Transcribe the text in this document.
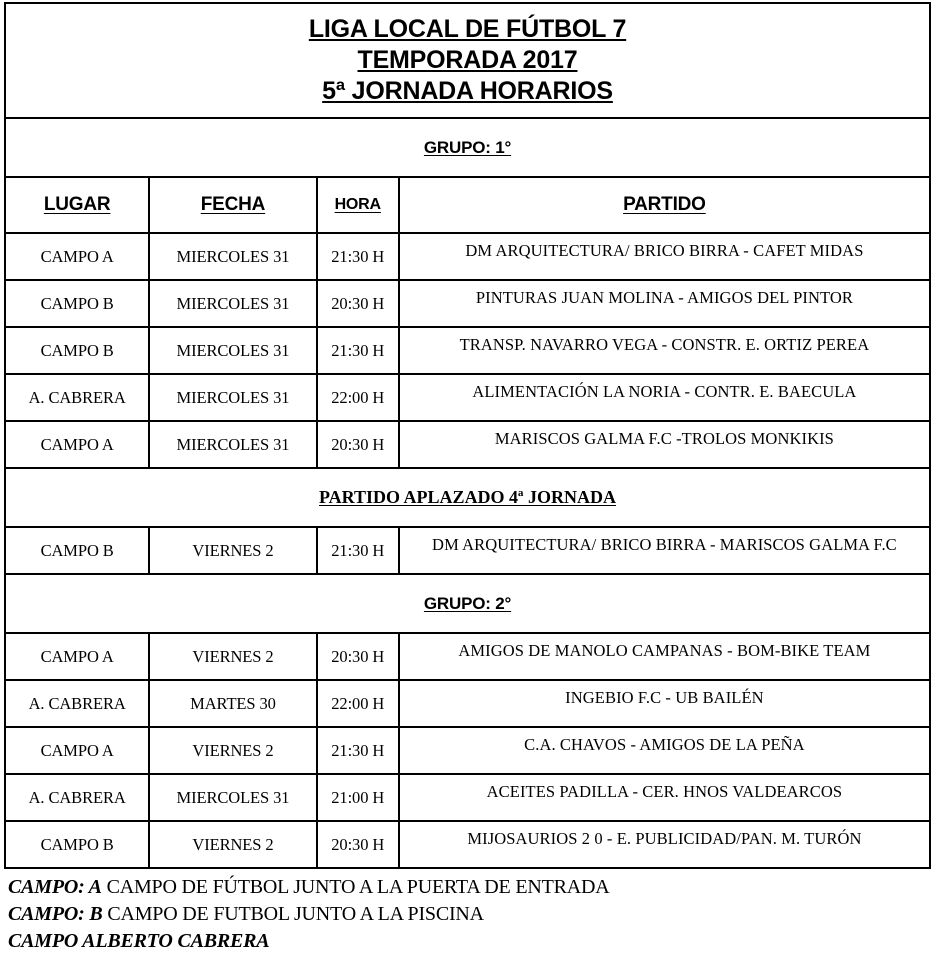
LIGA LOCAL DE FÚTBOL 7
TEMPORADA 2017
5ª JORNADA HORARIOS			

GRUPO: 1°			
LUGAR	FECHA	HORA	PARTIDO
CAMPO A	MIERCOLES 31	21:30 H	DM ARQUITECTURA/ BRICO BIRRA - CAFET MIDAS

CAMPO B	MIERCOLES 31	20:30 H	PINTURAS JUAN MOLINA - AMIGOS DEL PINTOR

CAMPO B	MIERCOLES 31	21:30 H	TRANSP. NAVARRO VEGA - CONSTR. E. ORTIZ PEREA

A. CABRERA	MIERCOLES 31	22:00 H	ALIMENTACIÓN LA NORIA - CONTR. E. BAECULA

CAMPO A	MIERCOLES 31	20:30 H	MARISCOS GALMA F.C -TROLOS MONKIKIS

PARTIDO APLAZADO 4ª JORNADA			
CAMPO B	VIERNES 2	21:30 H	DM ARQUITECTURA/ BRICO BIRRA - MARISCOS GALMA F.C

GRUPO: 2°			
CAMPO A	VIERNES 2	20:30 H	AMIGOS DE MANOLO CAMPANAS - BOM-BIKE TEAM

A. CABRERA	MARTES 30	22:00 H	INGEBIO F.C - UB BAILÉN

CAMPO A	VIERNES 2	21:30 H	C.A. CHAVOS - AMIGOS DE LA PEÑA

A. CABRERA	MIERCOLES 31	21:00 H	ACEITES PADILLA - CER. HNOS VALDEARCOS

CAMPO B	VIERNES 2	20:30 H	MIJOSAURIOS 2 0 - E. PUBLICIDAD/PAN. M. TURÓN
CAMPO: A CAMPO DE FÚTBOL JUNTO A LA PUERTA DE ENTRADA
CAMPO: B CAMPO DE FUTBOL JUNTO A LA PISCINA
CAMPO ALBERTO CABRERA
